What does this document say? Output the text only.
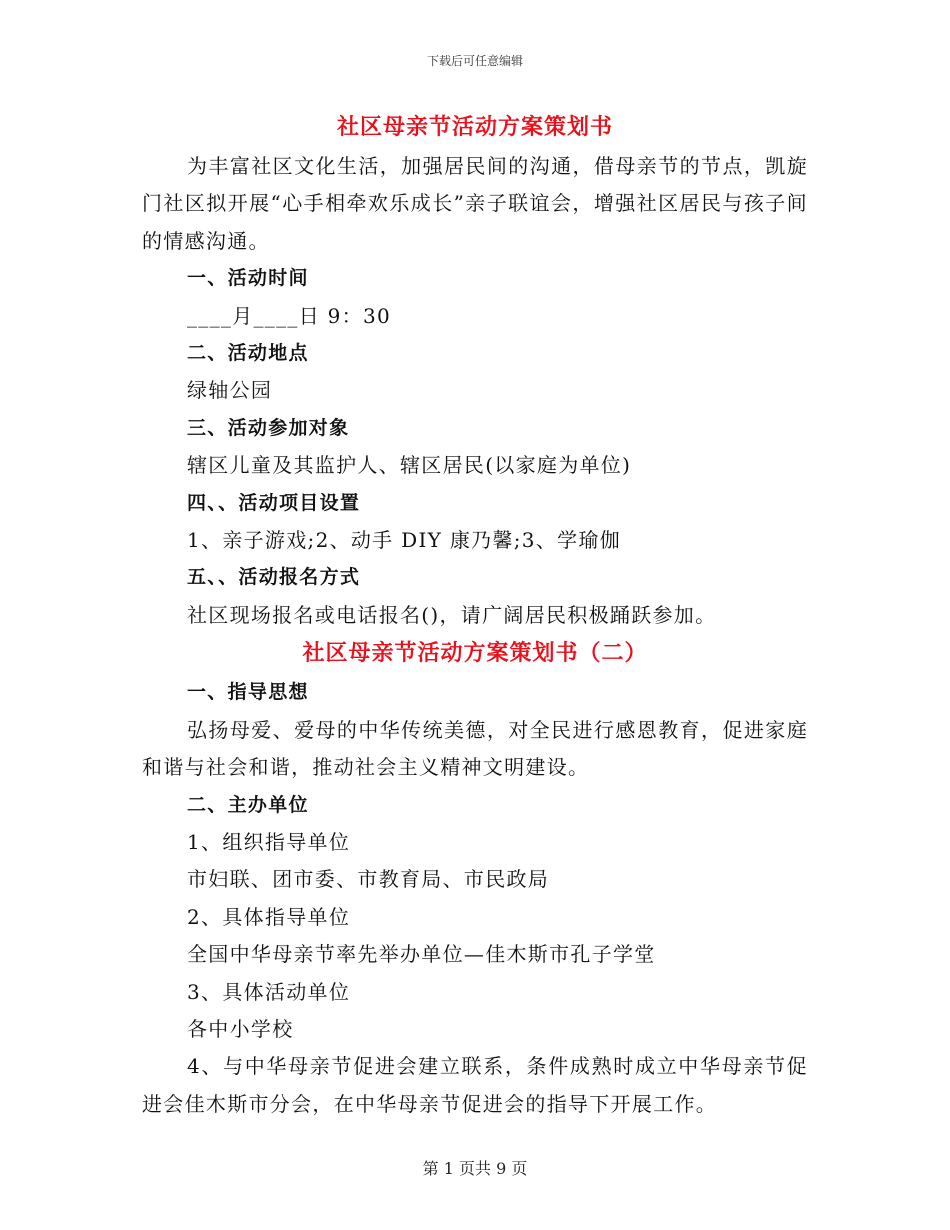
下载后可任意编辑
社区母亲节活动方案策划书
为丰富社区文化生活，加强居民间的沟通，借母亲节的节点，凯旋门社区拟开展“心手相牵欢乐成长”亲子联谊会，增强社区居民与孩子间的情感沟通。
一、活动时间
____月____日 9：30
二、活动地点
绿轴公园
三、活动参加对象
辖区儿童及其监护人、辖区居民(以家庭为单位)
四、、活动项目设置
1、亲子游戏;2、动手 DIY 康乃馨;3、学瑜伽
五、、活动报名方式
社区现场报名或电话报名()，请广阔居民积极踊跃参加。
社区母亲节活动方案策划书（二）
一、指导思想
弘扬母爱、爱母的中华传统美德，对全民进行感恩教育，促进家庭和谐与社会和谐，推动社会主义精神文明建设。
二、主办单位
1、组织指导单位
市妇联、团市委、市教育局、市民政局
2、具体指导单位
全国中华母亲节率先举办单位—佳木斯市孔子学堂
3、具体活动单位
各中小学校
4、与中华母亲节促进会建立联系，条件成熟时成立中华母亲节促进会佳木斯市分会，在中华母亲节促进会的指导下开展工作。
第 1 页共 9 页
